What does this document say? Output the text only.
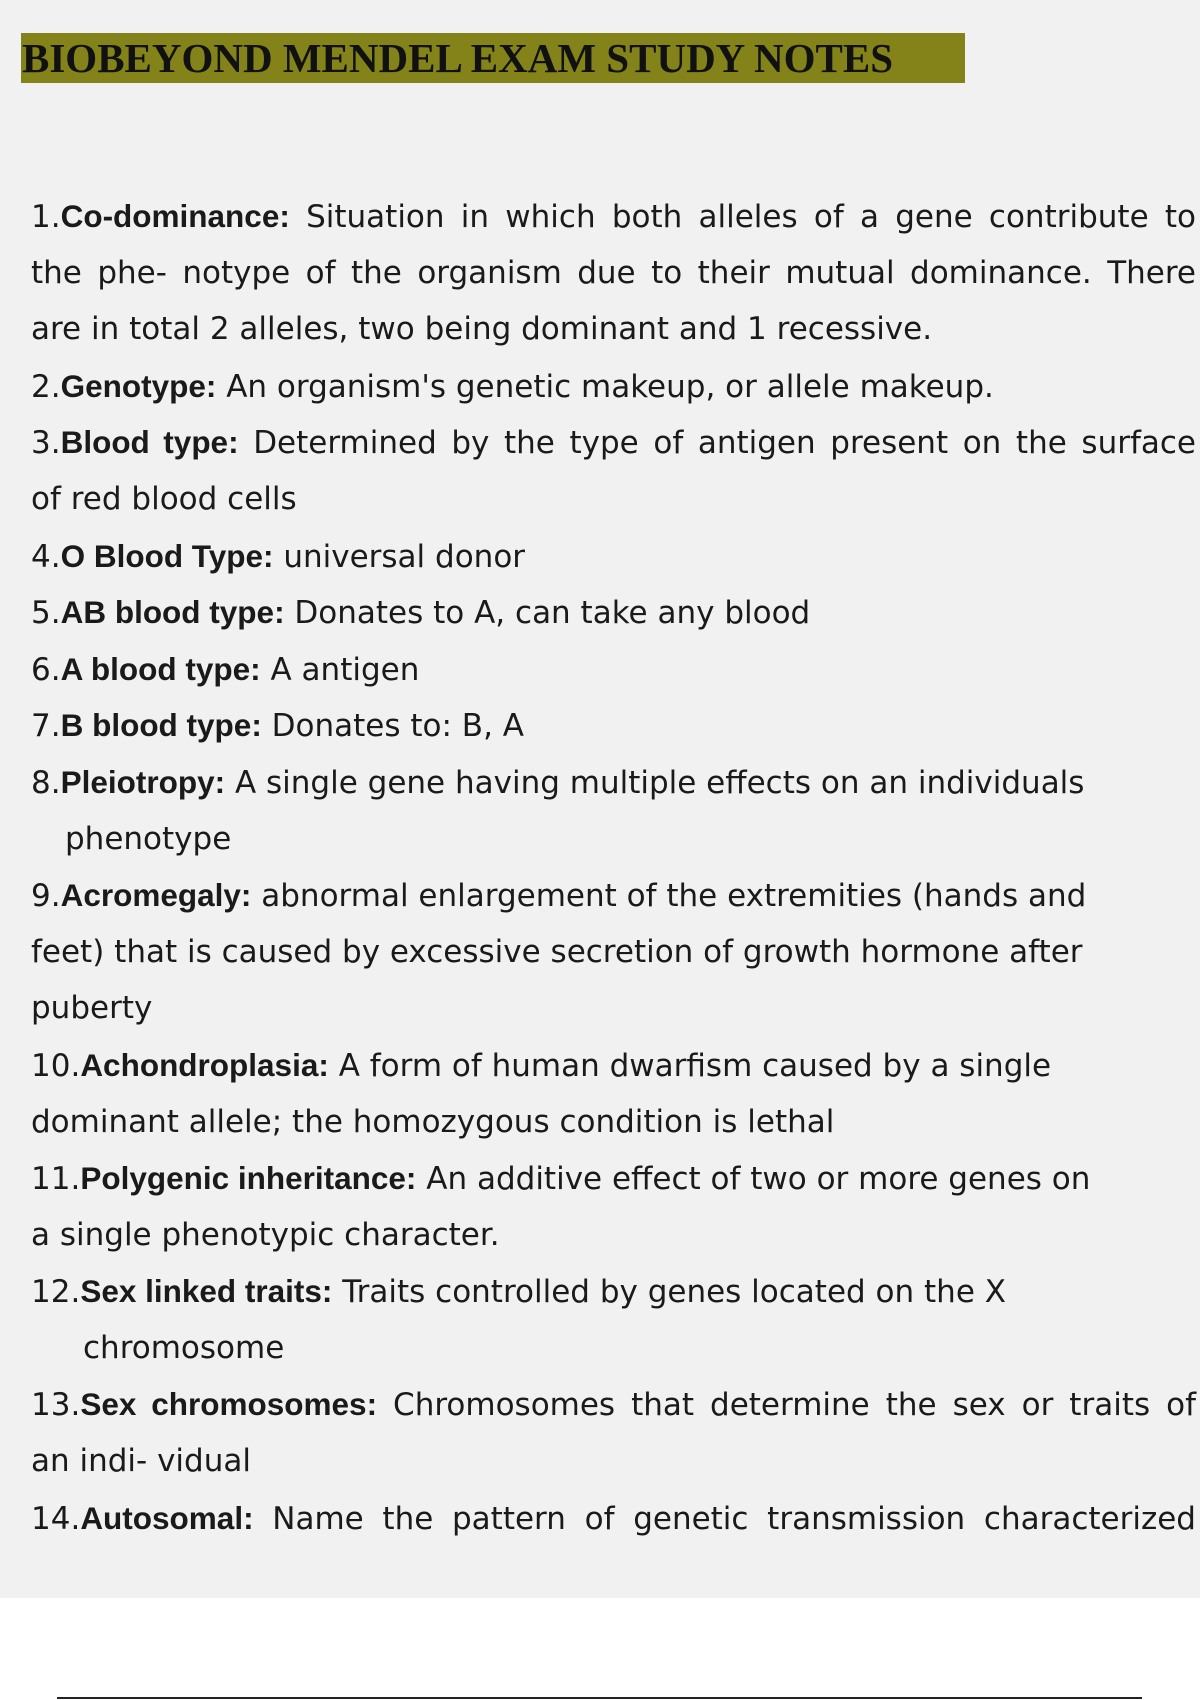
BIOBEYOND MENDEL EXAM STUDY NOTES
1.Co-dominance: Situation in which both alleles of a gene contribute to
the phe- notype of the organism due to their mutual dominance. There
are in total 2 alleles, two being dominant and 1 recessive.
2.Genotype: An organism's genetic makeup, or allele makeup.
3.Blood type: Determined by the type of antigen present on the surface
of red blood cells
4.O Blood Type: universal donor
5.AB blood type: Donates to A, can take any blood
6.A blood type: A antigen
7.B blood type: Donates to: B, A
8.Pleiotropy: A single gene having multiple effects on an individuals
phenotype
9.Acromegaly: abnormal enlargement of the extremities (hands and
feet) that is caused by excessive secretion of growth hormone after
puberty
10.Achondroplasia: A form of human dwarfism caused by a single
dominant allele; the homozygous condition is lethal
11.Polygenic inheritance: An additive effect of two or more genes on
a single phenotypic character.
12.Sex linked traits: Traits controlled by genes located on the X
chromosome
13.Sex chromosomes: Chromosomes that determine the sex or traits of
an indi- vidual
14.Autosomal: Name the pattern of genetic transmission characterized
